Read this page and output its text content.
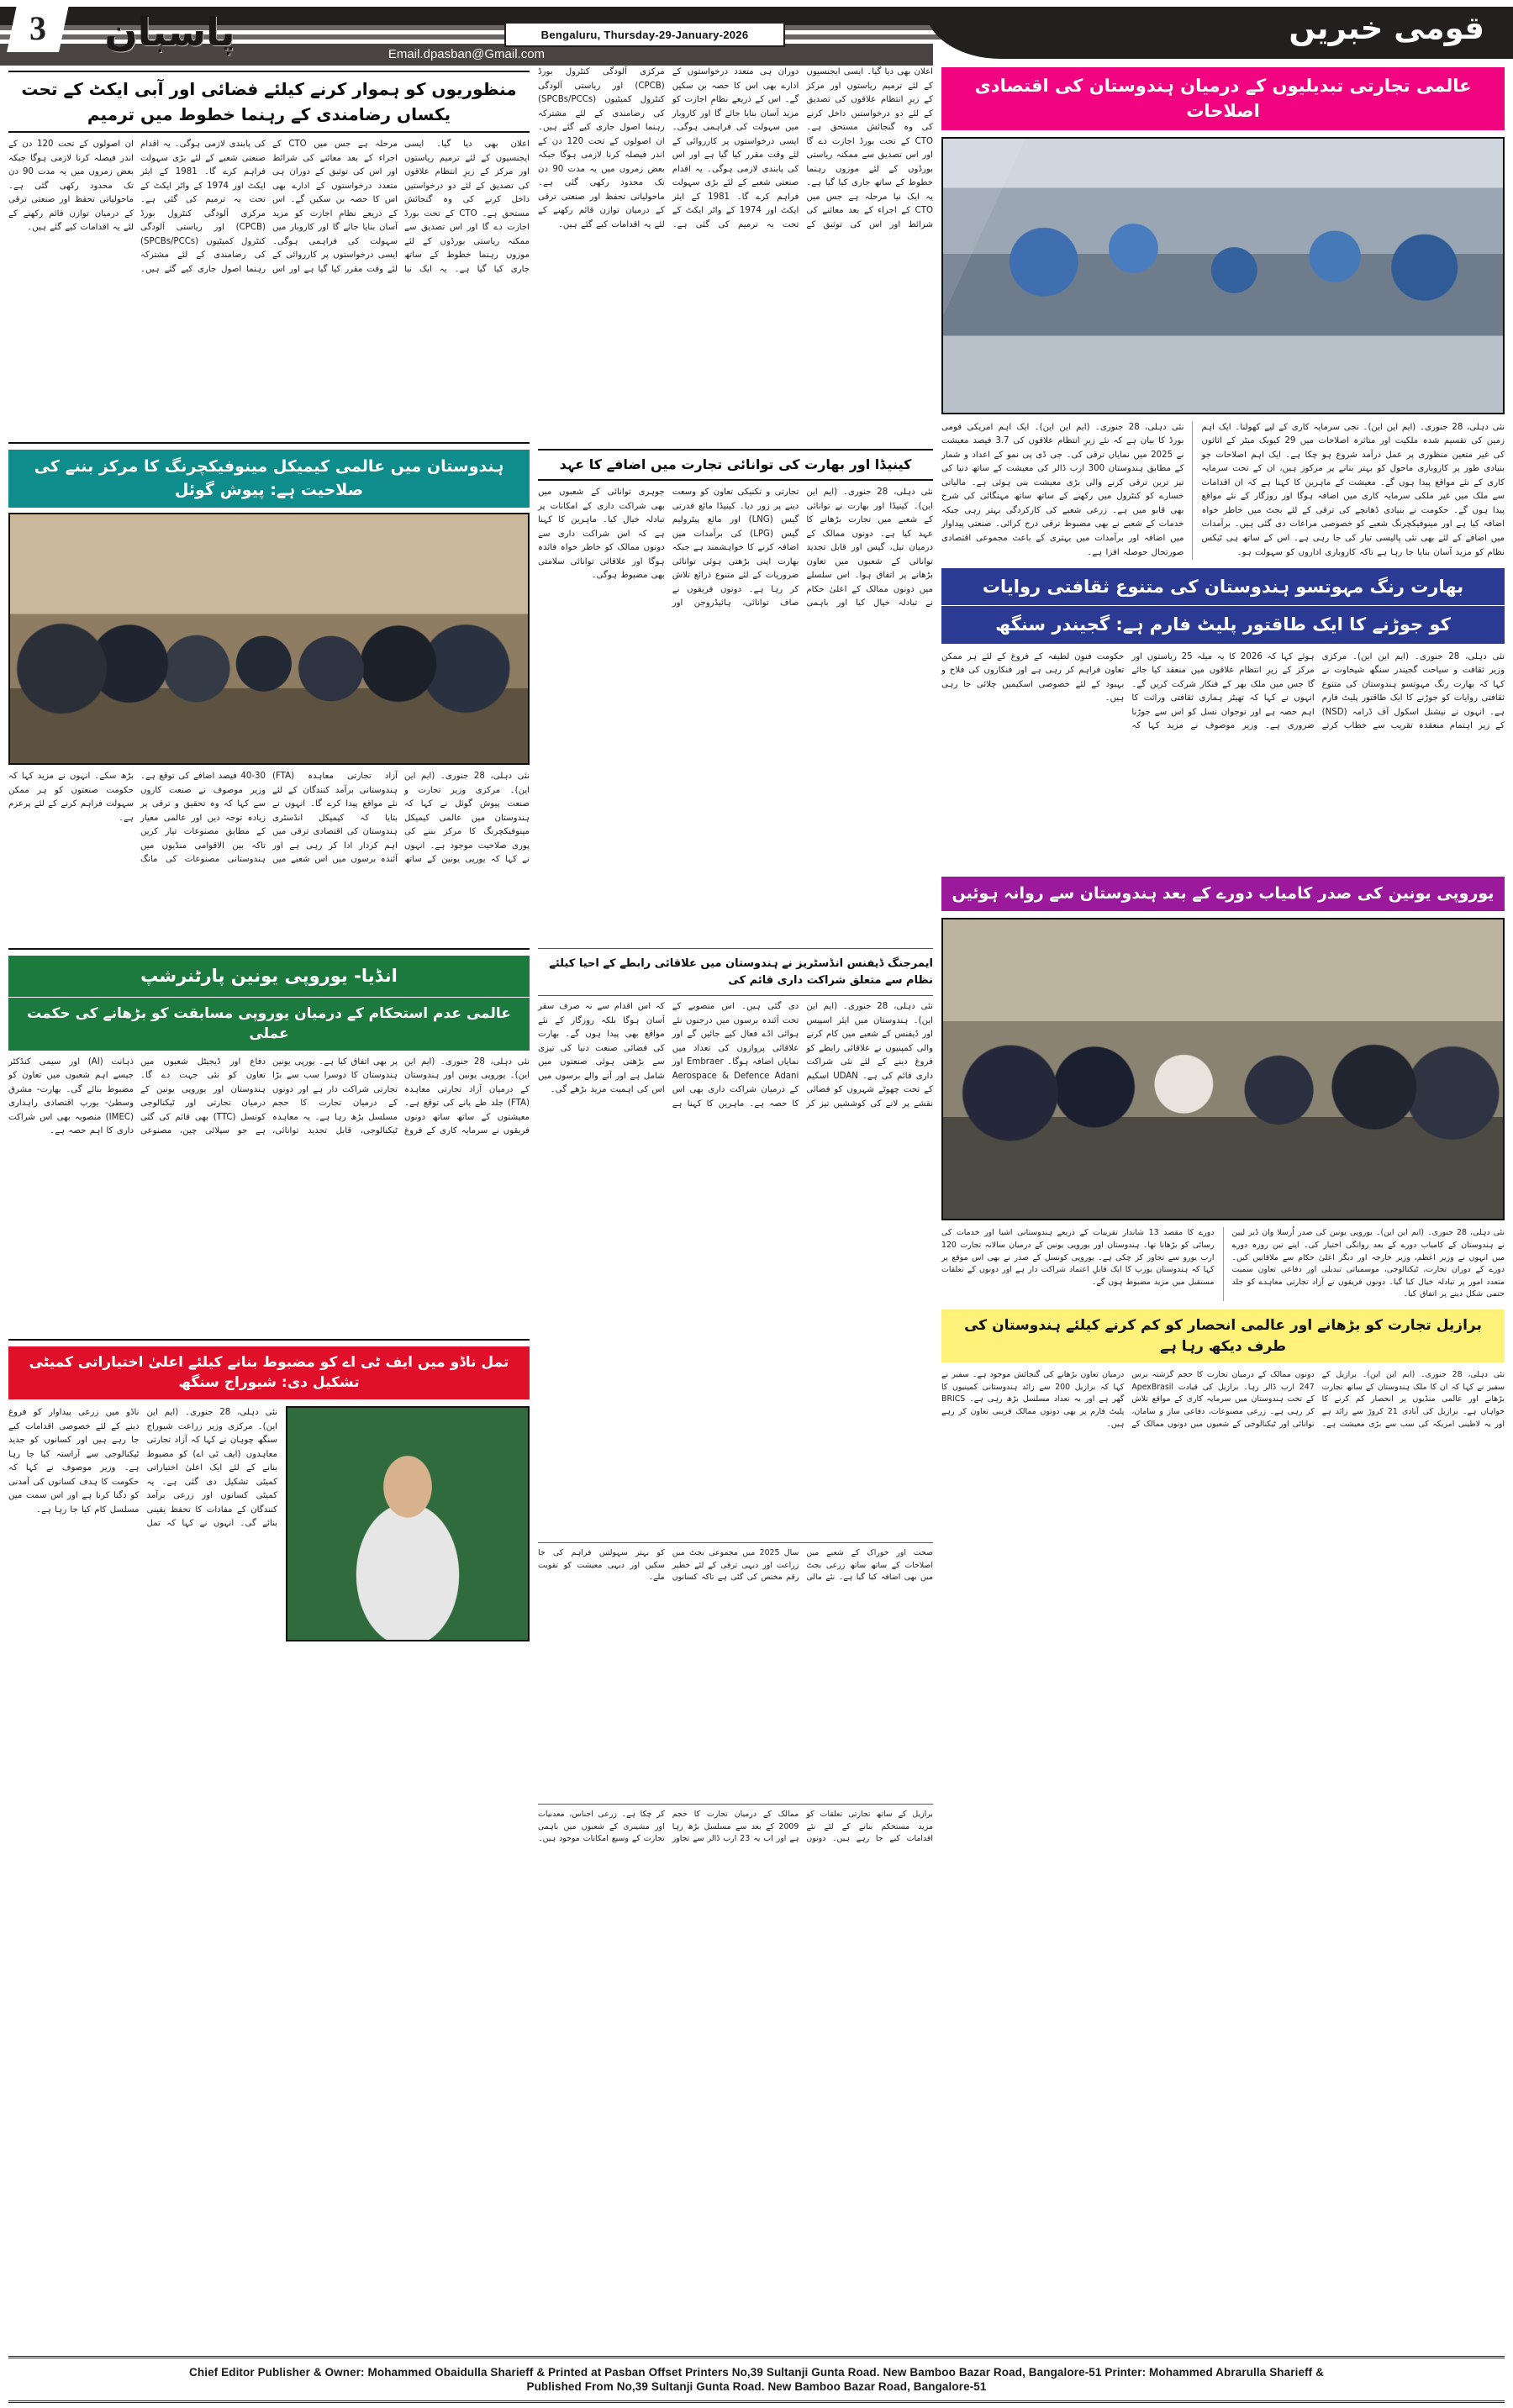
قومی خبریں
3	پاسبان	Bengaluru, Thursday-29-January-2026
Email.dpasban@Gmail.com
منظوریوں کو ہموار کرنے کیلئے فضائی اور آبی ایکٹ کے تحت یکساں رضامندی کے رہنما خطوط میں ترمیم
اعلان بھی دیا گیا۔ ایسی ایجنسیوں کے لئے ترمیم ریاستوں اور مرکز کے زیرِ انتظام علاقوں کی تصدیق کے لئے دو درخواستیں داخل کرنے کی وہ گنجائش مستحق ہے۔ CTO کے تحت بورڈ اجازت دے گا اور اس تصدیق سے ممکنہ ریاستی بورڈوں کے لئے موزوں رہنما خطوط کے ساتھ جاری کیا گیا ہے۔ یہ ایک نیا مرحلہ ہے جس میں CTO کے اجراء کے بعد معائنے کی شرائط اور اس کی توثیق کے دوران ہی متعدد درخواستوں کے ادارے بھی اس کا حصہ بن سکیں گے۔ اس کے ذریعے نظامِ اجازت کو مزید آسان بنایا جائے گا اور کاروبار میں سہولت کی فراہمی ہوگی۔ ایسی درخواستوں پر کارروائی کے لئے وقت مقرر کیا گیا ہے اور اس کی پابندی لازمی ہوگی۔ یہ اقدام صنعتی شعبے کے لئے بڑی سہولت فراہم کرے گا۔ 1981 کے ایئر ایکٹ اور 1974 کے واٹر ایکٹ کے تحت یہ ترمیم کی گئی ہے۔ مرکزی آلودگی کنٹرول بورڈ (CPCB) اور ریاستی آلودگی کنٹرول کمیٹیوں (SPCBs/PCCs) کی رضامندی کے لئے مشترکہ رہنما اصول جاری کیے گئے ہیں۔ ان اصولوں کے تحت 120 دن کے اندر فیصلہ کرنا لازمی ہوگا جبکہ بعض زمروں میں یہ مدت 90 دن تک محدود رکھی گئی ہے۔ ماحولیاتی تحفظ اور صنعتی ترقی کے درمیان توازن قائم رکھنے کے لئے یہ اقدامات کیے گئے ہیں۔
ہندوستان میں عالمی کیمیکل مینوفیکچرنگ کا مرکز بننے کی صلاحیت ہے: پیوش گوئل
نئی دہلی، 28 جنوری۔ (ایم این این)۔ مرکزی وزیر تجارت و صنعت پیوش گوئل نے کہا کہ ہندوستان میں عالمی کیمیکل مینوفیکچرنگ کا مرکز بننے کی پوری صلاحیت موجود ہے۔ انہوں نے کہا کہ یورپی یونین کے ساتھ آزاد تجارتی معاہدہ (FTA) ہندوستانی برآمد کنندگان کے لئے نئے مواقع پیدا کرے گا۔ انہوں نے بتایا کہ کیمیکل انڈسٹری ہندوستان کی اقتصادی ترقی میں اہم کردار ادا کر رہی ہے اور آئندہ برسوں میں اس شعبے میں 30-40 فیصد اضافے کی توقع ہے۔ وزیر موصوف نے صنعت کاروں سے کہا کہ وہ تحقیق و ترقی پر زیادہ توجہ دیں اور عالمی معیار کے مطابق مصنوعات تیار کریں تاکہ بین الاقوامی منڈیوں میں ہندوستانی مصنوعات کی مانگ بڑھ سکے۔ انہوں نے مزید کہا کہ حکومت صنعتوں کو ہر ممکن سہولت فراہم کرنے کے لئے پرعزم ہے۔
انڈیا- یوروپی یونین پارٹنرشپ
عالمی عدم استحکام کے درمیان یوروپی مسابقت کو بڑھانے کی حکمت عملی
نئی دہلی، 28 جنوری۔ (ایم این این)۔ یوروپی یونین اور ہندوستان کے درمیان آزاد تجارتی معاہدہ (FTA) جلد طے پانے کی توقع ہے۔ معیشتوں کے ساتھ ساتھ دونوں فریقوں نے سرمایہ کاری کے فروغ پر بھی اتفاق کیا ہے۔ یورپی یونین ہندوستان کا دوسرا سب سے بڑا تجارتی شراکت دار ہے اور دونوں کے درمیان تجارت کا حجم مسلسل بڑھ رہا ہے۔ یہ معاہدہ ٹیکنالوجی، قابل تجدید توانائی، دفاع اور ڈیجیٹل شعبوں میں تعاون کو نئی جہت دے گا۔ ہندوستان اور یوروپی یونین کے درمیان تجارتی اور ٹیکنالوجی کونسل (TTC) بھی قائم کی گئی ہے جو سپلائی چین، مصنوعی ذہانت (AI) اور سیمی کنڈکٹر جیسے اہم شعبوں میں تعاون کو مضبوط بنائے گی۔ بھارت- مشرق وسطیٰ- یورپ اقتصادی راہداری (IMEC) منصوبہ بھی اس شراکت داری کا اہم حصہ ہے۔
تمل ناڈو میں ایف ٹی اے کو مضبوط بنانے کیلئے اعلیٰ اختیاراتی کمیٹی تشکیل دی: شیوراج سنگھ
نئی دہلی، 28 جنوری۔ (ایم این این)۔ مرکزی وزیر زراعت شیوراج سنگھ چوہان نے کہا کہ آزاد تجارتی معاہدوں (ایف ٹی اے) کو مضبوط بنانے کے لئے ایک اعلیٰ اختیاراتی کمیٹی تشکیل دی گئی ہے۔ یہ کمیٹی کسانوں اور زرعی برآمد کنندگان کے مفادات کا تحفظ یقینی بنائے گی۔ انہوں نے کہا کہ تمل ناڈو میں زرعی پیداوار کو فروغ دینے کے لئے خصوصی اقدامات کیے جا رہے ہیں اور کسانوں کو جدید ٹیکنالوجی سے آراستہ کیا جا رہا ہے۔ وزیر موصوف نے کہا کہ حکومت کا ہدف کسانوں کی آمدنی کو دگنا کرنا ہے اور اس سمت میں مسلسل کام کیا جا رہا ہے۔
اعلان بھی دیا گیا۔ ایسی ایجنسیوں کے لئے ترمیم ریاستوں اور مرکز کے زیرِ انتظام علاقوں کی تصدیق کے لئے دو درخواستیں داخل کرنے کی وہ گنجائش مستحق ہے۔ CTO کے تحت بورڈ اجازت دے گا اور اس تصدیق سے ممکنہ ریاستی بورڈوں کے لئے موزوں رہنما خطوط کے ساتھ جاری کیا گیا ہے۔ یہ ایک نیا مرحلہ ہے جس میں CTO کے اجراء کے بعد معائنے کی شرائط اور اس کی توثیق کے دوران ہی متعدد درخواستوں کے ادارے بھی اس کا حصہ بن سکیں گے۔ اس کے ذریعے نظامِ اجازت کو مزید آسان بنایا جائے گا اور کاروبار میں سہولت کی فراہمی ہوگی۔ ایسی درخواستوں پر کارروائی کے لئے وقت مقرر کیا گیا ہے اور اس کی پابندی لازمی ہوگی۔ یہ اقدام صنعتی شعبے کے لئے بڑی سہولت فراہم کرے گا۔ 1981 کے ایئر ایکٹ اور 1974 کے واٹر ایکٹ کے تحت یہ ترمیم کی گئی ہے۔ مرکزی آلودگی کنٹرول بورڈ (CPCB) اور ریاستی آلودگی کنٹرول کمیٹیوں (SPCBs/PCCs) کی رضامندی کے لئے مشترکہ رہنما اصول جاری کیے گئے ہیں۔ ان اصولوں کے تحت 120 دن کے اندر فیصلہ کرنا لازمی ہوگا جبکہ بعض زمروں میں یہ مدت 90 دن تک محدود رکھی گئی ہے۔ ماحولیاتی تحفظ اور صنعتی ترقی کے درمیان توازن قائم رکھنے کے لئے یہ اقدامات کیے گئے ہیں۔
کینیڈا اور بھارت کی توانائی تجارت میں اضافے کا عہد
نئی دہلی، 28 جنوری۔ (ایم این این)۔ کینیڈا اور بھارت نے توانائی کے شعبے میں تجارت بڑھانے کا عہد کیا ہے۔ دونوں ممالک کے درمیان تیل، گیس اور قابل تجدید توانائی کے شعبوں میں تعاون بڑھانے پر اتفاق ہوا۔ اس سلسلے میں دونوں ممالک کے اعلیٰ حکام نے تبادلہ خیال کیا اور باہمی تجارتی و تکنیکی تعاون کو وسعت دینے پر زور دیا۔ کینیڈا مائع قدرتی گیس (LNG) اور مائع پیٹرولیم گیس (LPG) کی برآمدات میں اضافہ کرنے کا خواہشمند ہے جبکہ بھارت اپنی بڑھتی ہوئی توانائی ضروریات کے لئے متنوع ذرائع تلاش کر رہا ہے۔ دونوں فریقوں نے صاف توانائی، ہائیڈروجن اور جوہری توانائی کے شعبوں میں بھی شراکت داری کے امکانات پر تبادلہ خیال کیا۔ ماہرین کا کہنا ہے کہ اس شراکت داری سے دونوں ممالک کو خاطر خواہ فائدہ ہوگا اور علاقائی توانائی سلامتی بھی مضبوط ہوگی۔
ایمرجنگ ڈیفنس انڈسٹریز نے ہندوستان میں علاقائی رابطے کے احیا کیلئے نظام سے متعلق شراکت داری قائم کی
نئی دہلی، 28 جنوری۔ (ایم این این)۔ ہندوستان میں ایئر اسپیس اور ڈیفنس کے شعبے میں کام کرنے والی کمپنیوں نے علاقائی رابطے کو فروغ دینے کے لئے نئی شراکت داری قائم کی ہے۔ UDAN اسکیم کے تحت چھوٹے شہروں کو فضائی نقشے پر لانے کی کوششیں تیز کر دی گئی ہیں۔ اس منصوبے کے تحت آئندہ برسوں میں درجنوں نئے ہوائی اڈے فعال کیے جائیں گے اور علاقائی پروازوں کی تعداد میں نمایاں اضافہ ہوگا۔ Embraer اور Aerospace & Defence Adani کے درمیان شراکت داری بھی اس کا حصہ ہے۔ ماہرین کا کہنا ہے کہ اس اقدام سے نہ صرف سفر آسان ہوگا بلکہ روزگار کے نئے مواقع بھی پیدا ہوں گے۔ بھارت کی فضائی صنعت دنیا کی تیزی سے بڑھتی ہوئی صنعتوں میں شامل ہے اور آنے والے برسوں میں اس کی اہمیت مزید بڑھے گی۔
صحت اور خوراک کے شعبے میں اصلاحات کے ساتھ ساتھ زرعی بجٹ میں بھی اضافہ کیا گیا ہے۔ نئے مالی سال 2025 میں مجموعی بجٹ میں زراعت اور دیہی ترقی کے لئے خطیر رقم مختص کی گئی ہے تاکہ کسانوں کو بہتر سہولتیں فراہم کی جا سکیں اور دیہی معیشت کو تقویت ملے۔
برازیل کے ساتھ تجارتی تعلقات کو مزید مستحکم بنانے کے لئے نئے اقدامات کیے جا رہے ہیں۔ دونوں ممالک کے درمیان تجارت کا حجم 2009 کے بعد سے مسلسل بڑھ رہا ہے اور اب یہ 23 ارب ڈالر سے تجاوز کر چکا ہے۔ زرعی اجناس، معدنیات اور مشینری کے شعبوں میں باہمی تجارت کے وسیع امکانات موجود ہیں۔
عالمی تجارتی تبدیلیوں کے درمیان ہندوستان کی اقتصادی اصلاحات
نئی دہلی، 28 جنوری۔ (ایم این این)۔ نجی سرمایہ کاری کے لیے کھولنا۔ ایک اہم زمین کی تقسیم شدہ ملکیت اور متاثرہ اصلاحات میں 29 کیوبک میٹر کے اثاثوں کی غیر متعین منظوری پر عمل درآمد شروع ہو چکا ہے۔ ایک اہم اصلاحات جو بنیادی طور پر کاروباری ماحول کو بہتر بنانے پر مرکوز ہیں، ان کے تحت سرمایہ کاری کے نئے مواقع پیدا ہوں گے۔ معیشت کے ماہرین کا کہنا ہے کہ ان اقدامات سے ملک میں غیر ملکی سرمایہ کاری میں اضافہ ہوگا اور روزگار کے نئے مواقع پیدا ہوں گے۔ حکومت نے بنیادی ڈھانچے کی ترقی کے لئے بجٹ میں خاطر خواہ اضافہ کیا ہے اور مینوفیکچرنگ شعبے کو خصوصی مراعات دی گئی ہیں۔ برآمدات میں اضافے کے لئے بھی نئی پالیسی تیار کی جا رہی ہے۔ اس کے ساتھ ہی ٹیکس نظام کو مزید آسان بنایا جا رہا ہے تاکہ کاروباری اداروں کو سہولت ہو۔
نئی دہلی، 28 جنوری۔ (ایم این این)۔ ایک اہم امریکی قومی بورڈ کا بیان ہے کہ نئے زیرِ انتظام علاقوں کی 3.7 فیصد معیشت نے 2025 میں نمایاں ترقی کی۔ جی ڈی پی نمو کے اعداد و شمار کے مطابق ہندوستان 300 ارب ڈالر کی معیشت کے ساتھ دنیا کی تیز ترین ترقی کرنے والی بڑی معیشت بنی ہوئی ہے۔ مالیاتی خسارے کو کنٹرول میں رکھنے کے ساتھ ساتھ مہنگائی کی شرح بھی قابو میں ہے۔ زرعی شعبے کی کارکردگی بہتر رہی جبکہ خدمات کے شعبے نے بھی مضبوط ترقی درج کرائی۔ صنعتی پیداوار میں اضافہ اور برآمدات میں بہتری کے باعث مجموعی اقتصادی صورتحال حوصلہ افزا ہے۔
بھارت رنگ مہوتسو ہندوستان کی متنوع ثقافتی روایات
کو جوڑنے کا ایک طاقتور پلیٹ فارم ہے: گجیندر سنگھ
نئی دہلی، 28 جنوری۔ (ایم این این)۔ مرکزی وزیر ثقافت و سیاحت گجیندر سنگھ شیخاوت نے کہا کہ بھارت رنگ مہوتسو ہندوستان کی متنوع ثقافتی روایات کو جوڑنے کا ایک طاقتور پلیٹ فارم ہے۔ انہوں نے نیشنل اسکول آف ڈرامہ (NSD) کے زیر اہتمام منعقدہ تقریب سے خطاب کرتے ہوئے کہا کہ 2026 کا یہ میلہ 25 ریاستوں اور مرکز کے زیرِ انتظام علاقوں میں منعقد کیا جائے گا جس میں ملک بھر کے فنکار شرکت کریں گے۔ انہوں نے کہا کہ تھیٹر ہماری ثقافتی وراثت کا اہم حصہ ہے اور نوجوان نسل کو اس سے جوڑنا ضروری ہے۔ وزیر موصوف نے مزید کہا کہ حکومت فنون لطیفہ کے فروغ کے لئے ہر ممکن تعاون فراہم کر رہی ہے اور فنکاروں کی فلاح و بہبود کے لئے خصوصی اسکیمیں چلائی جا رہی ہیں۔
یوروپی یونین کی صدر کامیاب دورے کے بعد ہندوستان سے روانہ ہوئیں
نئی دہلی، 28 جنوری۔ (ایم این این)۔ یوروپی یونین کی صدر اُرسلا وان ڈیر لیین نے ہندوستان کے کامیاب دورے کے بعد روانگی اختیار کی۔ اپنے تین روزہ دورے میں انہوں نے وزیر اعظم، وزیر خارجہ اور دیگر اعلیٰ حکام سے ملاقاتیں کیں۔ دورے کے دوران تجارت، ٹیکنالوجی، موسمیاتی تبدیلی اور دفاعی تعاون سمیت متعدد امور پر تبادلہ خیال کیا گیا۔ دونوں فریقوں نے آزاد تجارتی معاہدے کو جلد حتمی شکل دینے پر اتفاق کیا۔
دورے کا مقصد 13 شاندار تقریبات کے ذریعے ہندوستانی اشیا اور خدمات کی رسائی کو بڑھانا تھا۔ ہندوستان اور یوروپی یونین کے درمیان سالانہ تجارت 120 ارب یورو سے تجاوز کر چکی ہے۔ یوروپی کونسل کے صدر نے بھی اس موقع پر کہا کہ ہندوستان یورپ کا ایک قابلِ اعتماد شراکت دار ہے اور دونوں کے تعلقات مستقبل میں مزید مضبوط ہوں گے۔
برازیل تجارت کو بڑھانے اور عالمی انحصار کو کم کرنے کیلئے ہندوستان کی طرف دیکھ رہا ہے
نئی دہلی، 28 جنوری۔ (ایم این این)۔ برازیل کے سفیر نے کہا کہ ان کا ملک ہندوستان کے ساتھ تجارت بڑھانے اور عالمی منڈیوں پر انحصار کم کرنے کا خواہاں ہے۔ برازیل کی آبادی 21 کروڑ سے زائد ہے اور یہ لاطینی امریکہ کی سب سے بڑی معیشت ہے۔ دونوں ممالک کے درمیان تجارت کا حجم گزشتہ برس 247 ارب ڈالر رہا۔ برازیل کی قیادت ApexBrasil کے تحت ہندوستان میں سرمایہ کاری کے مواقع تلاش کر رہی ہے۔ زرعی مصنوعات، دفاعی ساز و سامان، توانائی اور ٹیکنالوجی کے شعبوں میں دونوں ممالک کے درمیان تعاون بڑھانے کی گنجائش موجود ہے۔ سفیر نے کہا کہ برازیل 200 سے زائد ہندوستانی کمپنیوں کا گھر ہے اور یہ تعداد مسلسل بڑھ رہی ہے۔ BRICS پلیٹ فارم پر بھی دونوں ممالک قریبی تعاون کر رہے ہیں۔

Chief Editor Publisher & Owner: Mohammed Obaidulla Sharieff & Printed at Pasban Offset Printers No,39 Sultanji Gunta Road. New Bamboo Bazar Road, Bangalore-51 Printer: Mohammed Abrarulla Sharieff &

Published From No,39 Sultanji Gunta Road. New Bamboo Bazar Road, Bangalore-51
